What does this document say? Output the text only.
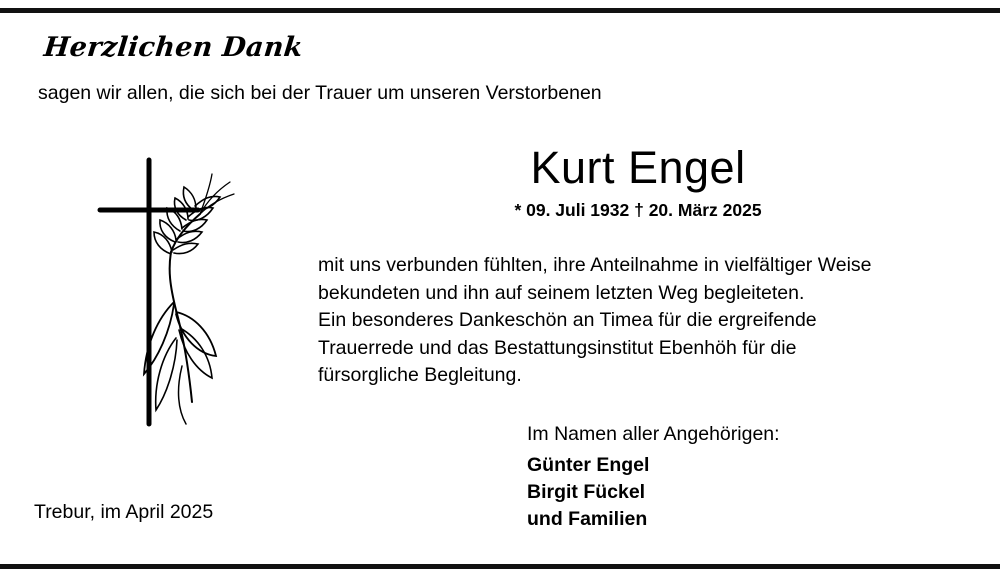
Herzlichen Dank
sagen wir allen, die sich bei der Trauer um unseren Verstorbenen
Kurt Engel
* 09. Juli 1932 † 20. März 2025
mit uns verbunden fühlten, ihre Anteilnahme in vielfältiger Weise
bekundeten und ihn auf seinem letzten Weg begleiteten.
Ein besonderes Dankeschön an Timea für die ergreifende
Trauerrede und das Bestattungsinstitut Ebenhöh für die
fürsorgliche Begleitung.
Im Namen aller Angehörigen:
Günter Engel
Birgit Fückel
und Familien
Trebur, im April 2025
